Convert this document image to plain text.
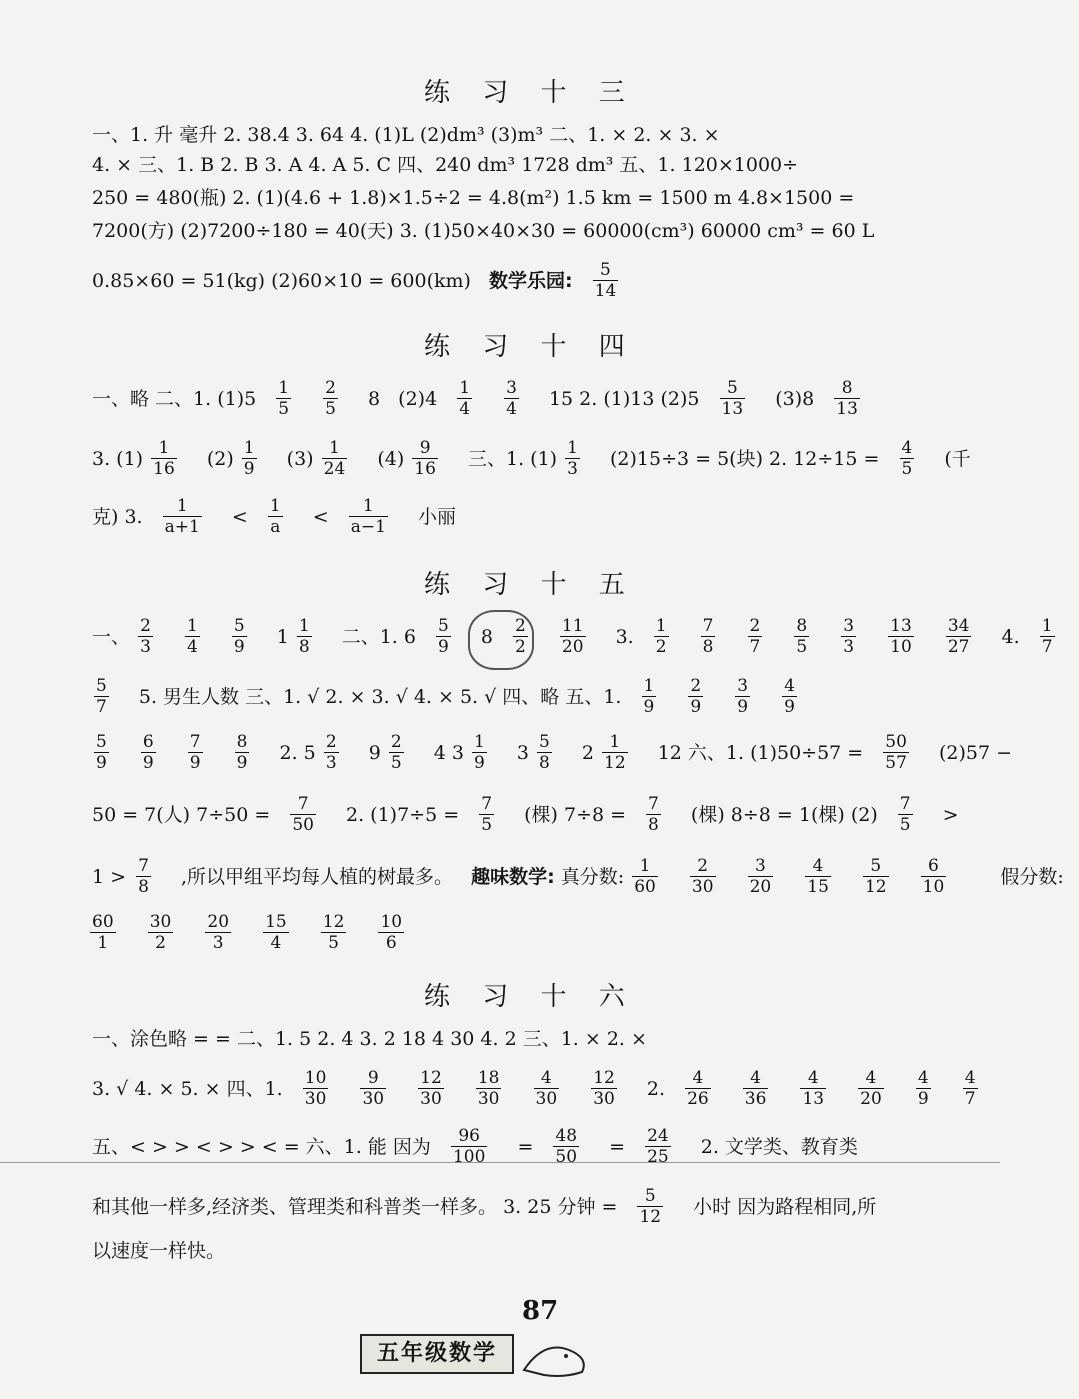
练 习 十 三
一、1. 升 毫升 2. 38.4 3. 64 4. (1)L (2)dm³ (3)m³ 二、1. × 2. × 3. ×
4. × 三、1. B 2. B 3. A 4. A 5. C 四、240 dm³ 1728 dm³ 五、1. 120×1000÷
250 = 480(瓶) 2. (1)(4.6 + 1.8)×1.5÷2 = 4.8(m²) 1.5 km = 1500 m 4.8×1500 =
7200(方) (2)7200÷180 = 40(天) 3. (1)50×40×30 = 60000(cm³) 60000 cm³ = 60 L
0.85×60 = 51(kg) (2)60×10 = 600(km) 数学乐园: $\frac{5}{14}$
练 习 十 四
一、略 二、1. $(1)5 \frac{1}{5}$
$\frac{2}{5} 8$ $(2)4 \frac{1}{4}$
$\frac{3}{4} 15$ 2. (1)13 $(2)5 \frac{5}{13} (3)8 \frac{8}{13}$
3. $(1) \frac{1}{16} (2) \frac{1}{9} (3) \frac{1}{24} (4) \frac{9}{16}$ 三、1. $(1) \frac{1}{3} (2)15\div 3 = 5$(块) 2. $12\div 15 = \frac{4}{5}$ (千
克) 3. $\frac{1}{a+1} < \frac{1}{a} < \frac{1}{a-1}$ 小丽
练 习 十 五
一、 $\frac{2}{3}$
$\frac{1}{4}$
$\frac{5}{9} 1 \frac{1}{8}$ 二、1. $6 \frac{5}{9} 8 \frac{2}{2}$
$\frac{11}{20} 3$. $\frac{1}{2}$
$\frac{7}{8}$
$\frac{2}{7}$
$\frac{8}{5}$
$\frac{3}{3}$
$\frac{13}{10}$
$\frac{34}{27} 4$. $\frac{1}{7}$
$\frac{5}{7} 5$. 男生人数 三、1. √ 2. × 3. √ 4. × 5. √ 四、略 五、1. $\frac{1}{9}$
$\frac{2}{9}$
$\frac{3}{9}$
$\frac{4}{9}$
$\frac{5}{9}$
$\frac{6}{9}$
$\frac{7}{9}$
$\frac{8}{9} 2$. $5 \frac{2}{3} 9 \frac{2}{5} 4$ $3 \frac{1}{9} 3 \frac{5}{8} 2 \frac{1}{12} 12$ 六、1. $(1)50\div 57 = \frac{50}{57} (2)57$ −
50 = 7(人) $7\div 50 = \frac{7}{50} 2$. $(1)7\div 5 = \frac{7}{5}$ (棵) $7\div 8 = \frac{7}{8}$ (棵) 8÷8 = 1(棵) $(2) \frac{7}{5}$ >
$1 > \frac{7}{8}$ ,所以甲组平均每人植的树最多。 趣味数学: 真分数: $\frac{1}{60}$
$\frac{2}{30}$
$\frac{3}{20}$
$\frac{4}{15}$
$\frac{5}{12}$
$\frac{6}{10}$ 假分数:
$\frac{60}{1}$
$\frac{30}{2}$
$\frac{20}{3}$
$\frac{15}{4}$
$\frac{12}{5}$
$\frac{10}{6}$
练 习 十 六
一、涂色略 = = 二、1. 5 2. 4 3. 2 18 4 30 4. 2 三、1. × 2. ×
3. √ 4. × 5. × 四、1. $\frac{10}{30}$
$\frac{9}{30}$
$\frac{12}{30}$
$\frac{18}{30}$
$\frac{4}{30}$
$\frac{12}{30} 2$. $\frac{4}{26}$
$\frac{4}{36}$
$\frac{4}{13}$
$\frac{4}{20}$
$\frac{4}{9}$
$\frac{4}{7}$
五、< > > < > > < = 六、1. 能 因为 $\frac{96}{100} = \frac{48}{50} = \frac{24}{25} 2$. 文学类、教育类
和其他一样多,经济类、管理类和科普类一样多。 3. 25 分钟 = $\frac{5}{12}$ 小时 因为路程相同,所
以速度一样快。
87
五年级数学
